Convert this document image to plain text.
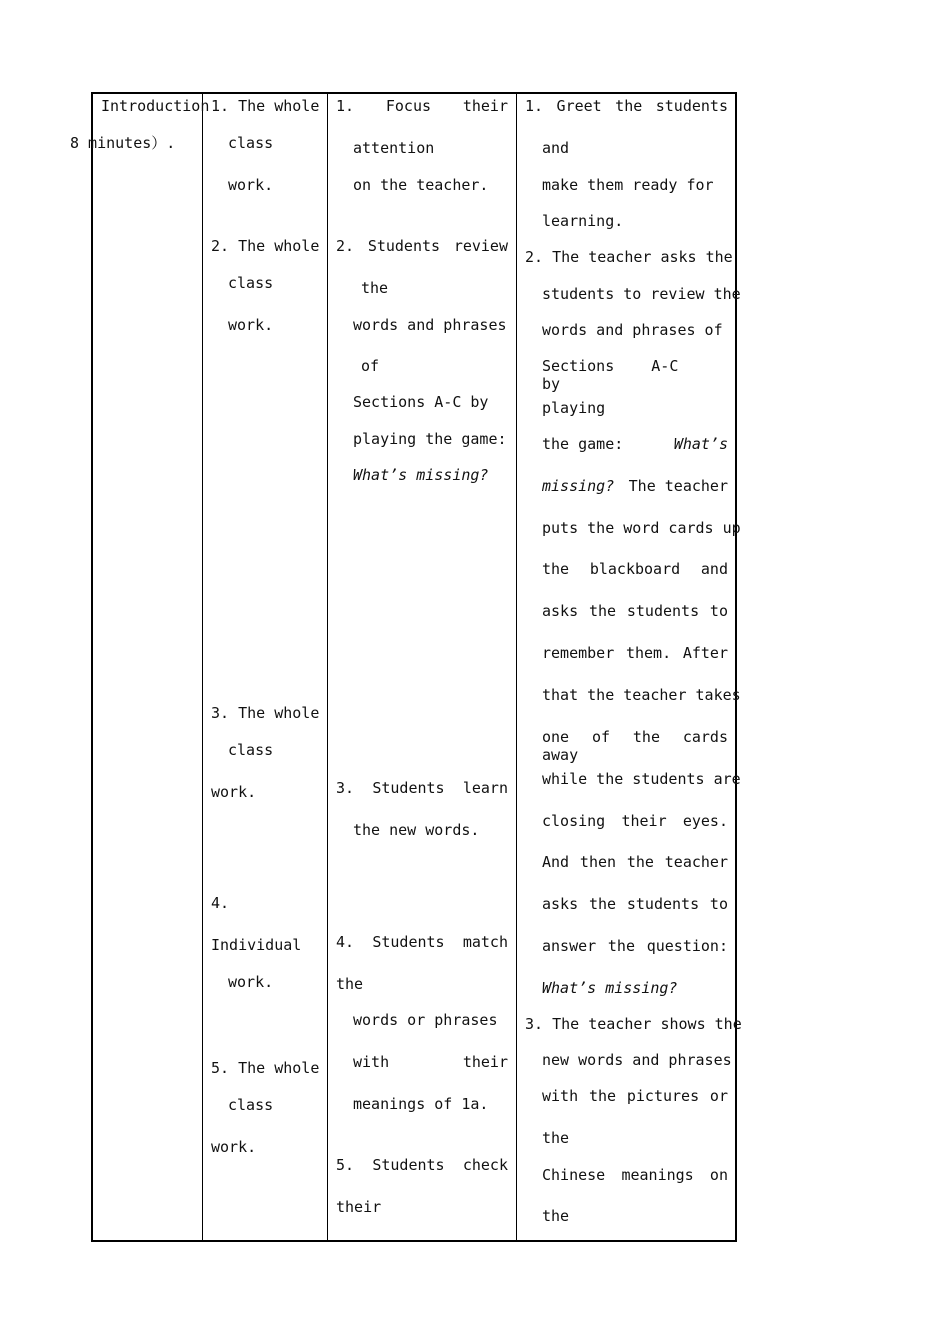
Introduction
8 minutes）.
1. The whole
class
work.
2. The whole
class
work.
3. The whole
class
work.
4.
Individual
work.
5. The whole
class
work.
1. Focus their
attention
on the teacher.
2. Students review
the
words and phrases
of
Sections A-C by
playing the game:
What’s missing?
3. Students learn
the new words.
4. Students match
the
words or phrases
with	their
meanings of 1a.
5. Students check
their
1. Greet the students
and
make them ready for
learning.
2. The teacher asks the
students to review the
words and phrases of
Sections A-C by
playing
the game:	What’s
missing? The teacher
puts the word cards up
the blackboard and
asks the students to
remember them. After
that the teacher takes
one of the cards away
while the students are
closing their eyes.
And then the teacher
asks the students to
answer the question:
What’s missing?
3. The teacher shows the
new words and phrases
with the pictures or
the
Chinese meanings on
the
